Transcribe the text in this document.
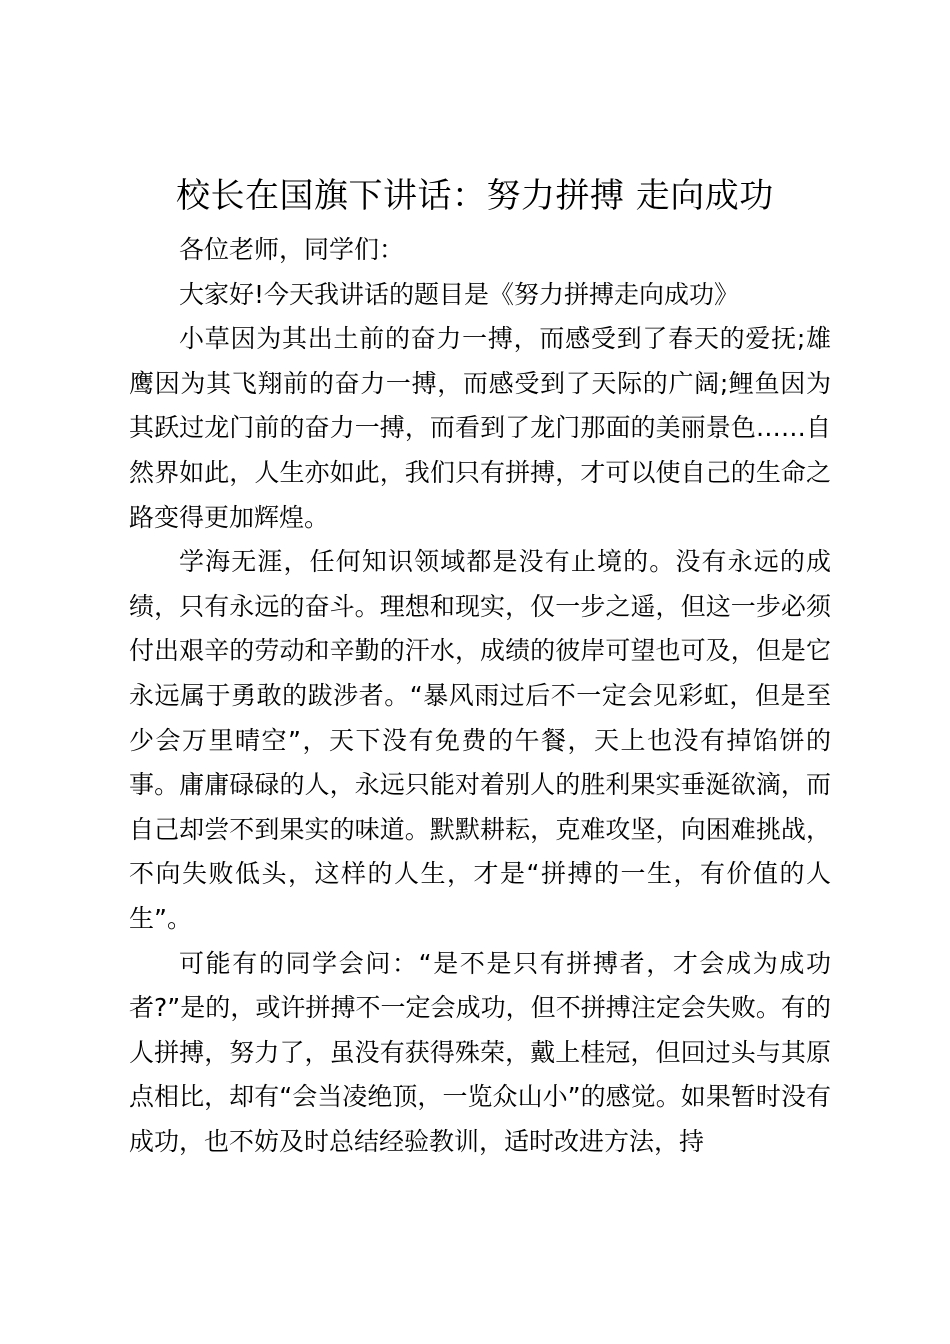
校长在国旗下讲话：努力拼搏 走向成功

各位老师，同学们：

大家好!今天我讲话的题目是《努力拼搏走向成功》

小草因为其出土前的奋力一搏，而感受到了春天的爱抚;雄鹰因为其飞翔前的奋力一搏，而感受到了天际的广阔;鲤鱼因为其跃过龙门前的奋力一搏，而看到了龙门那面的美丽景色……自然界如此，人生亦如此，我们只有拼搏，才可以使自己的生命之路变得更加辉煌。

学海无涯，任何知识领域都是没有止境的。没有永远的成绩，只有永远的奋斗。理想和现实，仅一步之遥，但这一步必须付出艰辛的劳动和辛勤的汗水，成绩的彼岸可望也可及，但是它永远属于勇敢的跋涉者。“暴风雨过后不一定会见彩虹，但是至少会万里晴空”，天下没有免费的午餐，天上也没有掉馅饼的事。庸庸碌碌的人，永远只能对着别人的胜利果实垂涎欲滴，而自己却尝不到果实的味道。默默耕耘，克难攻坚，向困难挑战，不向失败低头，这样的人生，才是“拼搏的一生，有价值的人生”。

可能有的同学会问：“是不是只有拼搏者，才会成为成功者?”是的，或许拼搏不一定会成功，但不拼搏注定会失败。有的人拼搏，努力了，虽没有获得殊荣，戴上桂冠，但回过头与其原点相比，却有“会当凌绝顶，一览众山小”的感觉。如果暂时没有成功，也不妨及时总结经验教训，适时改进方法，持
